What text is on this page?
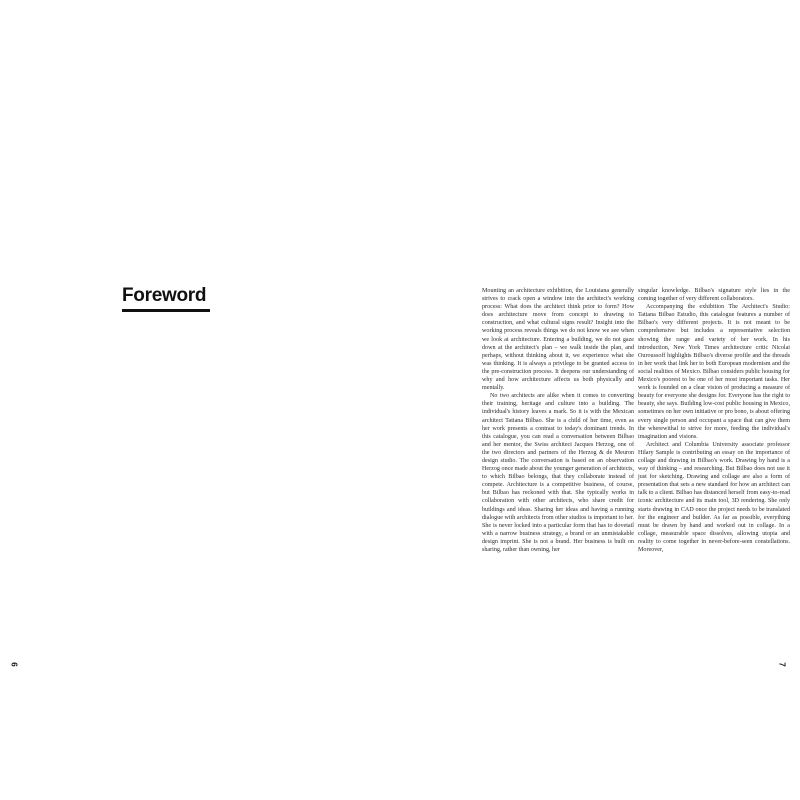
Foreword	Mounting an architecture exhibition, the Louisiana generally strives to crack open a window into the architect's working process: What does the architect think prior to form? How does architecture move from concept to drawing to construction, and what cultural signs result? Insight into the working process reveals things we do not know we see when we look at architecture. Entering a building, we do not gaze down at the architect's plan – we walk inside the plan, and perhaps, without thinking about it, we experience what she was thinking. It is always a privilege to be granted access to the pre-construction process. It deepens our understanding of why and how architecture affects us both physically and mentally.

No two architects are alike when it comes to converting their training, heritage and culture into a building. The individual's history leaves a mark. So it is with the Mexican architect Tatiana Bilbao. She is a child of her time, even as her work presents a contrast to today's dominant trends. In this catalogue, you can read a conversation between Bilbao and her mentor, the Swiss architect Jacques Herzog, one of the two directors and partners of the Herzog & de Meuron design studio. The conversation is based on an observation Herzog once made about the younger generation of architects, to which Bilbao belongs, that they collaborate instead of compete. Architecture is a competitive business, of course, but Bilbao has reckoned with that. She typically works in collaboration with other architects, who share credit for buildings and ideas. Sharing her ideas and having a running dialogue with architects from other studios is important to her. She is never locked into a particular form that has to dovetail with a narrow business strategy, a brand or an unmistakable design imprint. She is not a brand. Her business is built on sharing, rather than owning, her

singular knowledge. Bilbao's signature style lies in the coming together of very different collaborators.

Accompanying the exhibition The Architect's Studio: Tatiana Bilbao Estudio, this catalogue features a number of Bilbao's very different projects. It is not meant to be comprehensive but includes a representative selection showing the range and variety of her work. In his introduction, New York Times architecture critic Nicolai Ouroussoff highlights Bilbao's diverse profile and the threads in her work that link her to both European modernism and the social realities of Mexico. Bilbao considers public housing for Mexico's poorest to be one of her most important tasks. Her work is founded on a clear vision of producing a measure of beauty for everyone she designs for. Everyone has the right to beauty, she says. Building low-cost public housing in Mexico, sometimes on her own initiative or pro bono, is about offering every single person and occupant a space that can give them the wherewithal to strive for more, feeding the individual's imagination and visions.

Architect and Columbia University associate professor Hilary Sample is contributing an essay on the importance of collage and drawing in Bilbao's work. Drawing by hand is a way of thinking – and researching. But Bilbao does not use it just for sketching. Drawing and collage are also a form of presentation that sets a new standard for how an architect can talk to a client. Bilbao has distanced herself from easy-to-read iconic architecture and its main tool, 3D rendering. She only starts drawing in CAD once the project needs to be translated for the engineer and builder. As far as possible, everything must be drawn by hand and worked out in collage. In a collage, measurable space dissolves, allowing utopia and reality to come together in never-before-seen constellations. Moreover,

6	7
